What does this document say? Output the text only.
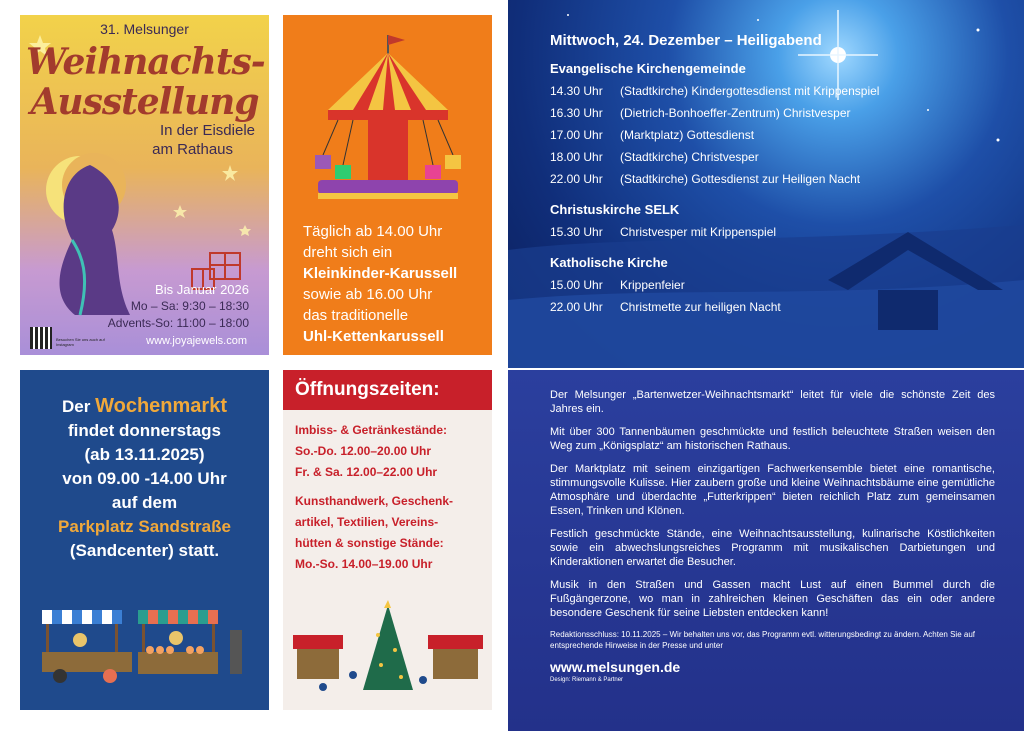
31. Melsunger
Weihnachts-
Ausstellung
In der Eisdiele
am Rathaus
Bis Januar 2026
Mo – Sa: 9:30 – 18:30
Advents-So: 11:00 – 18:00
Besuchen Sie uns auch auf Instagram	www.joyajewels.com
Täglich ab 14.00 Uhr
dreht sich ein
Kleinkinder-Karussell
sowie ab 16.00 Uhr
das traditionelle
Uhl-Kettenkarussell
Mittwoch, 24. Dezember – Heiligabend
Evangelische Kirchengemeinde
14.30 Uhr (Stadtkirche) Kindergottesdienst mit Krippenspiel
16.30 Uhr (Dietrich-Bonhoeffer-Zentrum) Christvesper
17.00 Uhr (Marktplatz) Gottesdienst
18.00 Uhr (Stadtkirche) Christvesper
22.00 Uhr (Stadtkirche) Gottesdienst zur Heiligen Nacht
Christuskirche SELK
15.30 Uhr Christvesper mit Krippenspiel
Katholische Kirche
15.00 Uhr Krippenfeier
22.00 Uhr Christmette zur heiligen Nacht
Der Wochenmarkt
findet donnerstags
(ab 13.11.2025)
von 09.00 -14.00 Uhr
auf dem
Parkplatz Sandstraße
(Sandcenter) statt.
Öffnungszeiten:
Imbiss- & Getränkestände:
So.-Do. 12.00–20.00 Uhr
Fr. & Sa. 12.00–22.00 Uhr
Kunsthandwerk, Geschenk-
artikel, Textilien, Vereins-
hütten & sonstige Stände:
Mo.-So. 14.00–19.00 Uhr

Der Melsunger „Bartenwetzer-Weihnachtsmarkt“ leitet für viele die schönste Zeit des Jahres ein.

Mit über 300 Tannenbäumen geschmückte und festlich beleuchtete Straßen weisen den Weg zum „Königsplatz“ am historischen Rathaus.

Der Marktplatz mit seinem einzigartigen Fachwerkensemble bietet eine romantische, stimmungsvolle Kulisse. Hier zaubern große und kleine Weihnachtsbäume eine gemütliche Atmosphäre und überdachte „Futterkrippen“ bieten reichlich Platz zum gemeinsamen Essen, Trinken und Klönen.

Festlich geschmückte Stände, eine Weihnachtsausstellung, kulinarische Köstlichkeiten sowie ein abwechslungsreiches Programm mit musikalischen Darbietungen und Kinderaktionen erwartet die Besucher.

Musik in den Straßen und Gassen macht Lust auf einen Bummel durch die Fußgängerzone, wo man in zahlreichen kleinen Geschäften das ein oder andere besondere Geschenk für seine Liebsten entdecken kann!

Redaktionsschluss: 10.11.2025 – Wir behalten uns vor, das Programm evtl. witterungsbedingt zu ändern. Achten Sie auf entsprechende Hinweise in der Presse und unter
www.melsungen.de
Design: Riemann & Partner
